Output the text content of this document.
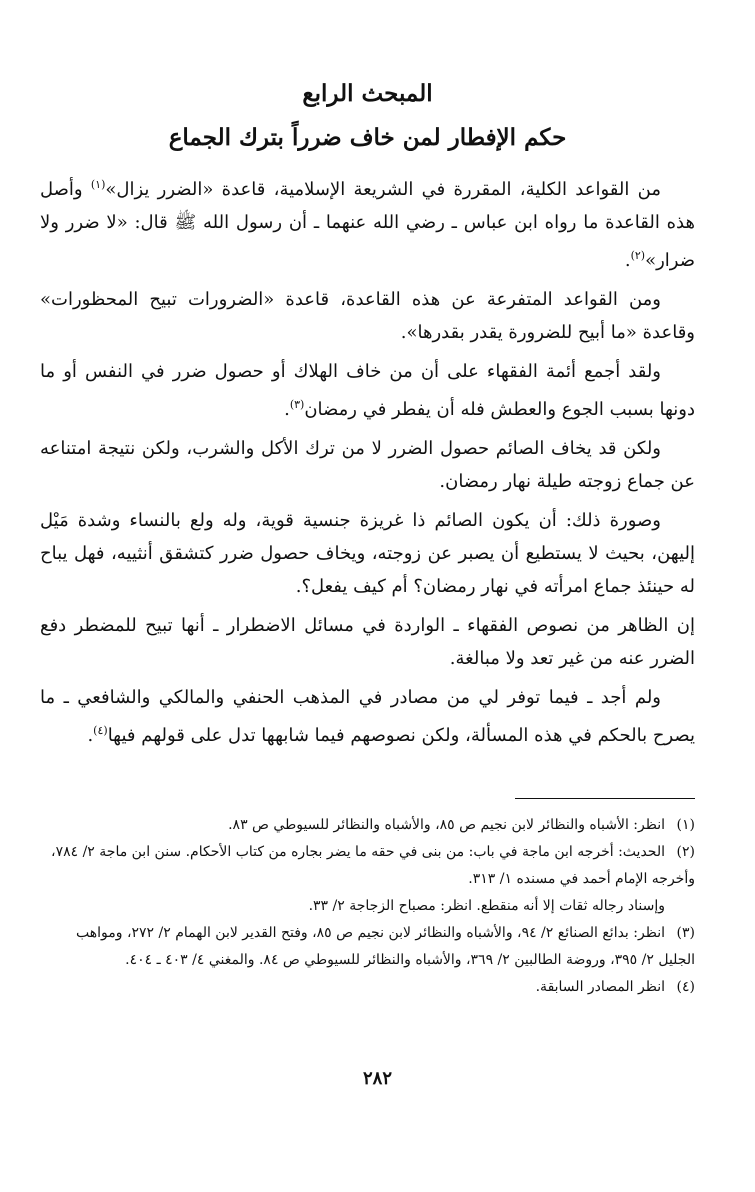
المبحث الرابع
حكم الإفطار لمن خاف ضرراً بترك الجماع

من القواعد الكلية، المقررة في الشريعة الإسلامية، قاعدة «الضرر يزال»$^{(١)}$ وأصل هذه القاعدة ما رواه ابن عباس ـ رضي الله عنهما ـ أن رسول الله ﷺ قال: «لا ضرر ولا ضرار»$^{(٢)}$.

ومن القواعد المتفرعة عن هذه القاعدة، قاعدة «الضرورات تبيح المحظورات» وقاعدة «ما أبيح للضرورة يقدر بقدرها».

ولقد أجمع أئمة الفقهاء على أن من خاف الهلاك أو حصول ضرر في النفس أو ما دونها بسبب الجوع والعطش فله أن يفطر في رمضان$^{(٣)}$.

ولكن قد يخاف الصائم حصول الضرر لا من ترك الأكل والشرب، ولكن نتيجة امتناعه عن جماع زوجته طيلة نهار رمضان.

وصورة ذلك: أن يكون الصائم ذا غريزة جنسية قوية، وله ولع بالنساء وشدة مَيْل إليهن، بحيث لا يستطيع أن يصبر عن زوجته، ويخاف حصول ضرر كتشقق أنثييه، فهل يباح له حينئذ جماع امرأته في نهار رمضان؟ أم كيف يفعل؟.

إن الظاهر من نصوص الفقهاء ـ الواردة في مسائل الاضطرار ـ أنها تبيح للمضطر دفع الضرر عنه من غير تعد ولا مبالغة.

ولم أجد ـ فيما توفر لي من مصادر في المذهب الحنفي والمالكي والشافعي ـ ما يصرح بالحكم في هذه المسألة، ولكن نصوصهم فيما شابهها تدل على قولهم فيها$^{(٤)}$.

(١)انظر: الأشباه والنظائر لابن نجيم ص ٨٥، والأشباه والنظائر للسيوطي ص ٨٣.

(٢)الحديث: أخرجه ابن ماجة في باب: من بنى في حقه ما يضر بجاره من كتاب الأحكام. سنن ابن ماجة ٢/ ٧٨٤، وأخرجه الإمام أحمد في مسنده ١/ ٣١٣.

وإسناد رجاله ثقات إلا أنه منقطع. انظر: مصباح الزجاجة ٢/ ٣٣.

(٣)انظر: بدائع الصنائع ٢/ ٩٤، والأشباه والنظائر لابن نجيم ص ٨٥، وفتح القدير لابن الهمام ٢/ ٢٧٢، ومواهب الجليل ٢/ ٣٩٥، وروضة الطالبين ٢/ ٣٦٩، والأشباه والنظائر للسيوطي ص ٨٤. والمغني ٤/ ٤٠٣ ـ ٤٠٤.

(٤)انظر المصادر السابقة.

٢٨٢
